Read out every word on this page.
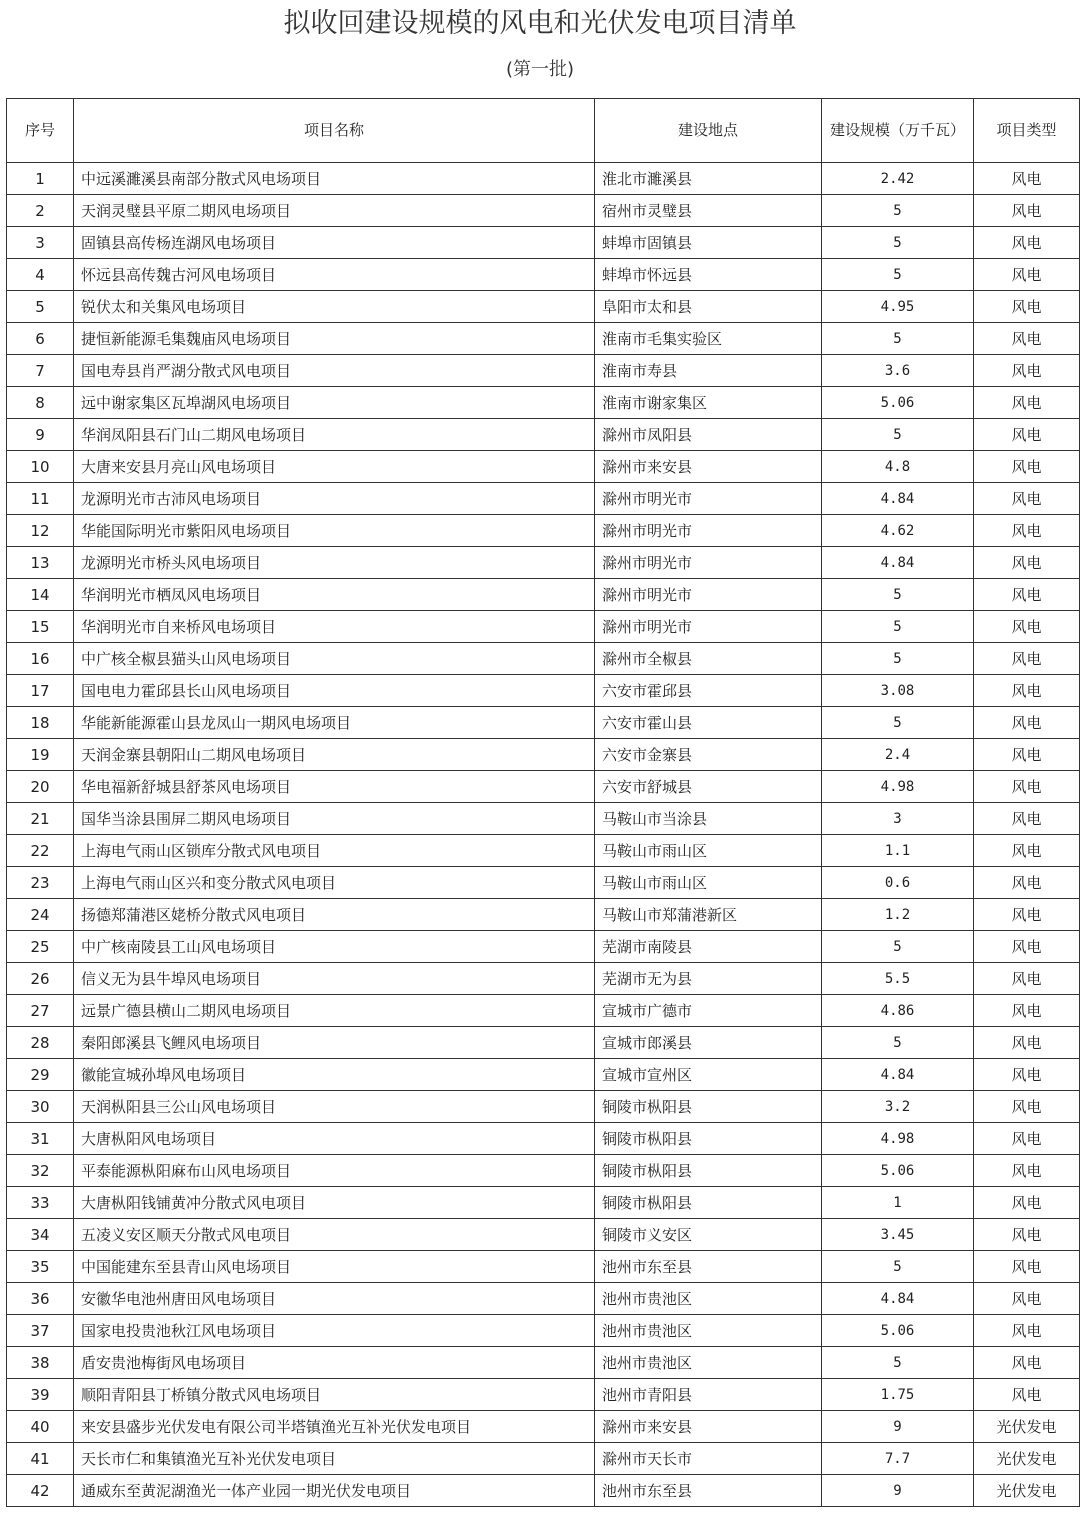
拟收回建设规模的风电和光伏发电项目清单
(第一批)
序号	项目名称	建设地点	建设规模（万千瓦）	项目类型
1	中远溪濉溪县南部分散式风电场项目	淮北市濉溪县	2.42	风电
2	天润灵璧县平原二期风电场项目	宿州市灵璧县	5	风电
3	固镇县高传杨连湖风电场项目	蚌埠市固镇县	5	风电
4	怀远县高传魏古河风电场项目	蚌埠市怀远县	5	风电
5	锐伏太和关集风电场项目	阜阳市太和县	4.95	风电
6	捷恒新能源毛集魏庙风电场项目	淮南市毛集实验区	5	风电
7	国电寿县肖严湖分散式风电项目	淮南市寿县	3.6	风电
8	远中谢家集区瓦埠湖风电场项目	淮南市谢家集区	5.06	风电
9	华润凤阳县石门山二期风电场项目	滁州市凤阳县	5	风电
10	大唐来安县月亮山风电场项目	滁州市来安县	4.8	风电
11	龙源明光市古沛风电场项目	滁州市明光市	4.84	风电
12	华能国际明光市紫阳风电场项目	滁州市明光市	4.62	风电
13	龙源明光市桥头风电场项目	滁州市明光市	4.84	风电
14	华润明光市栖凤风电场项目	滁州市明光市	5	风电
15	华润明光市自来桥风电场项目	滁州市明光市	5	风电
16	中广核全椒县猫头山风电场项目	滁州市全椒县	5	风电
17	国电电力霍邱县长山风电场项目	六安市霍邱县	3.08	风电
18	华能新能源霍山县龙凤山一期风电场项目	六安市霍山县	5	风电
19	天润金寨县朝阳山二期风电场项目	六安市金寨县	2.4	风电
20	华电福新舒城县舒茶风电场项目	六安市舒城县	4.98	风电
21	国华当涂县围屏二期风电场项目	马鞍山市当涂县	3	风电
22	上海电气雨山区锁库分散式风电项目	马鞍山市雨山区	1.1	风电
23	上海电气雨山区兴和变分散式风电项目	马鞍山市雨山区	0.6	风电
24	扬德郑蒲港区姥桥分散式风电项目	马鞍山市郑蒲港新区	1.2	风电
25	中广核南陵县工山风电场项目	芜湖市南陵县	5	风电
26	信义无为县牛埠风电场项目	芜湖市无为县	5.5	风电
27	远景广德县横山二期风电场项目	宣城市广德市	4.86	风电
28	秦阳郎溪县飞鲤风电场项目	宣城市郎溪县	5	风电
29	徽能宣城孙埠风电场项目	宣城市宣州区	4.84	风电
30	天润枞阳县三公山风电场项目	铜陵市枞阳县	3.2	风电
31	大唐枞阳风电场项目	铜陵市枞阳县	4.98	风电
32	平泰能源枞阳麻布山风电场项目	铜陵市枞阳县	5.06	风电
33	大唐枞阳钱铺黄冲分散式风电项目	铜陵市枞阳县	1	风电
34	五凌义安区顺天分散式风电项目	铜陵市义安区	3.45	风电
35	中国能建东至县青山风电场项目	池州市东至县	5	风电
36	安徽华电池州唐田风电场项目	池州市贵池区	4.84	风电
37	国家电投贵池秋江风电场项目	池州市贵池区	5.06	风电
38	盾安贵池梅街风电场项目	池州市贵池区	5	风电
39	顺阳青阳县丁桥镇分散式风电场项目	池州市青阳县	1.75	风电
40	来安县盛步光伏发电有限公司半塔镇渔光互补光伏发电项目	滁州市来安县	9	光伏发电
41	天长市仁和集镇渔光互补光伏发电项目	滁州市天长市	7.7	光伏发电
42	通威东至黄泥湖渔光一体产业园一期光伏发电项目	池州市东至县	9	光伏发电
